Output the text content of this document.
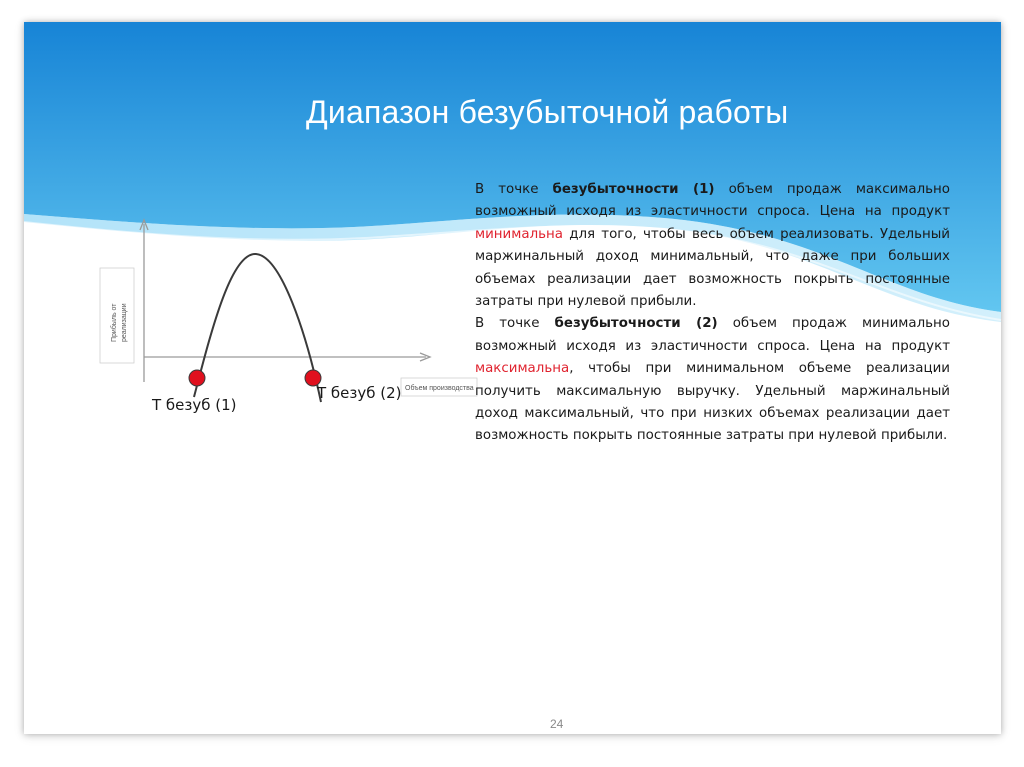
Диапазон безубыточной работы
Прибыль от реализации
Объем производства
Т безуб (1)
Т безуб (2)

В точке безубыточности (1) объем продаж максимально возможный исходя из эластичности спроса. Цена на продукт минимальна для того, чтобы весь объем реализовать. Удельный маржинальный доход минимальный, что даже при больших объемах реализации дает возможность покрыть постоянные затраты при нулевой прибыли.

В точке безубыточности (2) объем продаж минимально возможный исходя из эластичности спроса. Цена на продукт максимальна, чтобы при минимальном объеме реализации получить максимальную выручку. Удельный маржинальный доход максимальный, что при низких объемах реализации дает возможность покрыть постоянные затраты при нулевой прибыли.

24
